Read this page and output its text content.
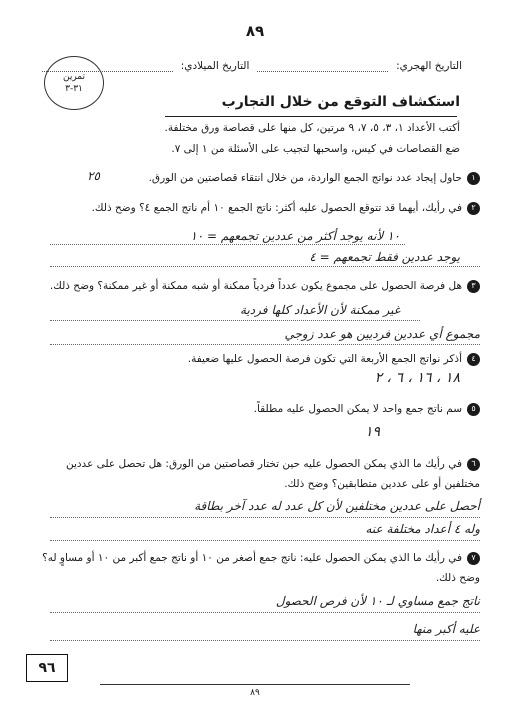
٨٩
التاريخ الهجري:
التاريخ الميلادي:
تمرين
٣١-٣
استكشاف التوقع من خلال التجارب
أكتب الأعداد ١، ٣، ٥، ٧، ٩ مرتين، كل منها على قصاصة ورق مختلفة.
ضع القصاصات في كيس، واسحبها لتجيب على الأسئلة من ١ إلى ٧.
١حاول إيجاد عدد نواتج الجمع الواردة، من خلال انتقاء قصاصتين من الورق.
٢٥
٢في رأيك، أيهما قد تتوقع الحصول عليه أكثر: ناتج الجمع ١٠ أم ناتج الجمع ٤؟ وضح ذلك.
١٠ لأنه يوجد أكثر من عددين تجمعهم = ١٠
يوجد عددين فقط تجمعهم = ٤
٣هل فرصة الحصول على مجموع يكون عدداً فردياً ممكنة أو شبه ممكنة أو غير ممكنة؟ وضح ذلك.
غير ممكنة لأن الأعداد كلها فردية
مجموع أي عددين فرديين هو عدد زوجي
٤أذكر نواتج الجمع الأربعة التي تكون فرصة الحصول عليها ضعيفة.
١٨ ، ١٦ ، ٦ ، ٢
٥سم ناتج جمع واحد لا يمكن الحصول عليه مطلقاً.
١٩
٦في رأيك ما الذي يمكن الحصول عليه حين تختار قصاصتين من الورق: هل تحصل على عددين مختلفين أو على عددين متطابقين؟ وضح ذلك.
أحصل على عددين مختلفين لأن كل عدد له عدد آخر بطاقة
وله ٤ أعداد مختلفة عنه
٧في رأيك ما الذي يمكن الحصول عليه: ناتج جمع أصغر من ١٠ أو ناتج جمع أكبر من ١٠ أو مساوٍ له؟ وضح ذلك.
ناتج جمع مساوي لـ ١٠ لأن فرص الحصول
عليه أكبر منها
٩٦
٨٩
